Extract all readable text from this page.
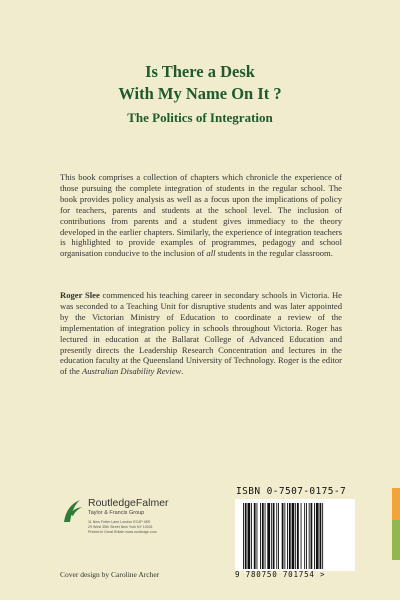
Is There a Desk
With My Name On It ?
The Politics of Integration
This book comprises a collection of chapters which chronicle the experience of those pursuing the complete integration of students in the regular school. The book provides policy analysis as well as a focus upon the implications of policy for teachers, parents and students at the school level. The inclusion of contributions from parents and a student gives immediacy to the theory developed in the earlier chapters. Similarly, the experience of integration teachers is highlighted to provide examples of programmes, pedagogy and school organisation conducive to the inclusion of all students in the regular classroom.
Roger Slee commenced his teaching career in secondary schools in Victoria. He was seconded to a Teaching Unit for disruptive students and was later appointed by the Victorian Ministry of Education to coordinate a review of the implementation of integration policy in schools throughout Victoria. Roger has lectured in education at the Ballarat College of Advanced Education and presently directs the Leadership Research Concentration and lectures in the education faculty at the Queensland University of Technology. Roger is the editor of the Australian Disability Review.
RoutledgeFalmer
Taylor & Francis Group
11 New Fetter Lane London EC4P 4EE
29 West 35th Street New York NY 10001
Printed in Great Britain www.routledge.com
ISBN 0-7507-0175-7
9 780750 701754 >
Cover design by Caroline Archer
